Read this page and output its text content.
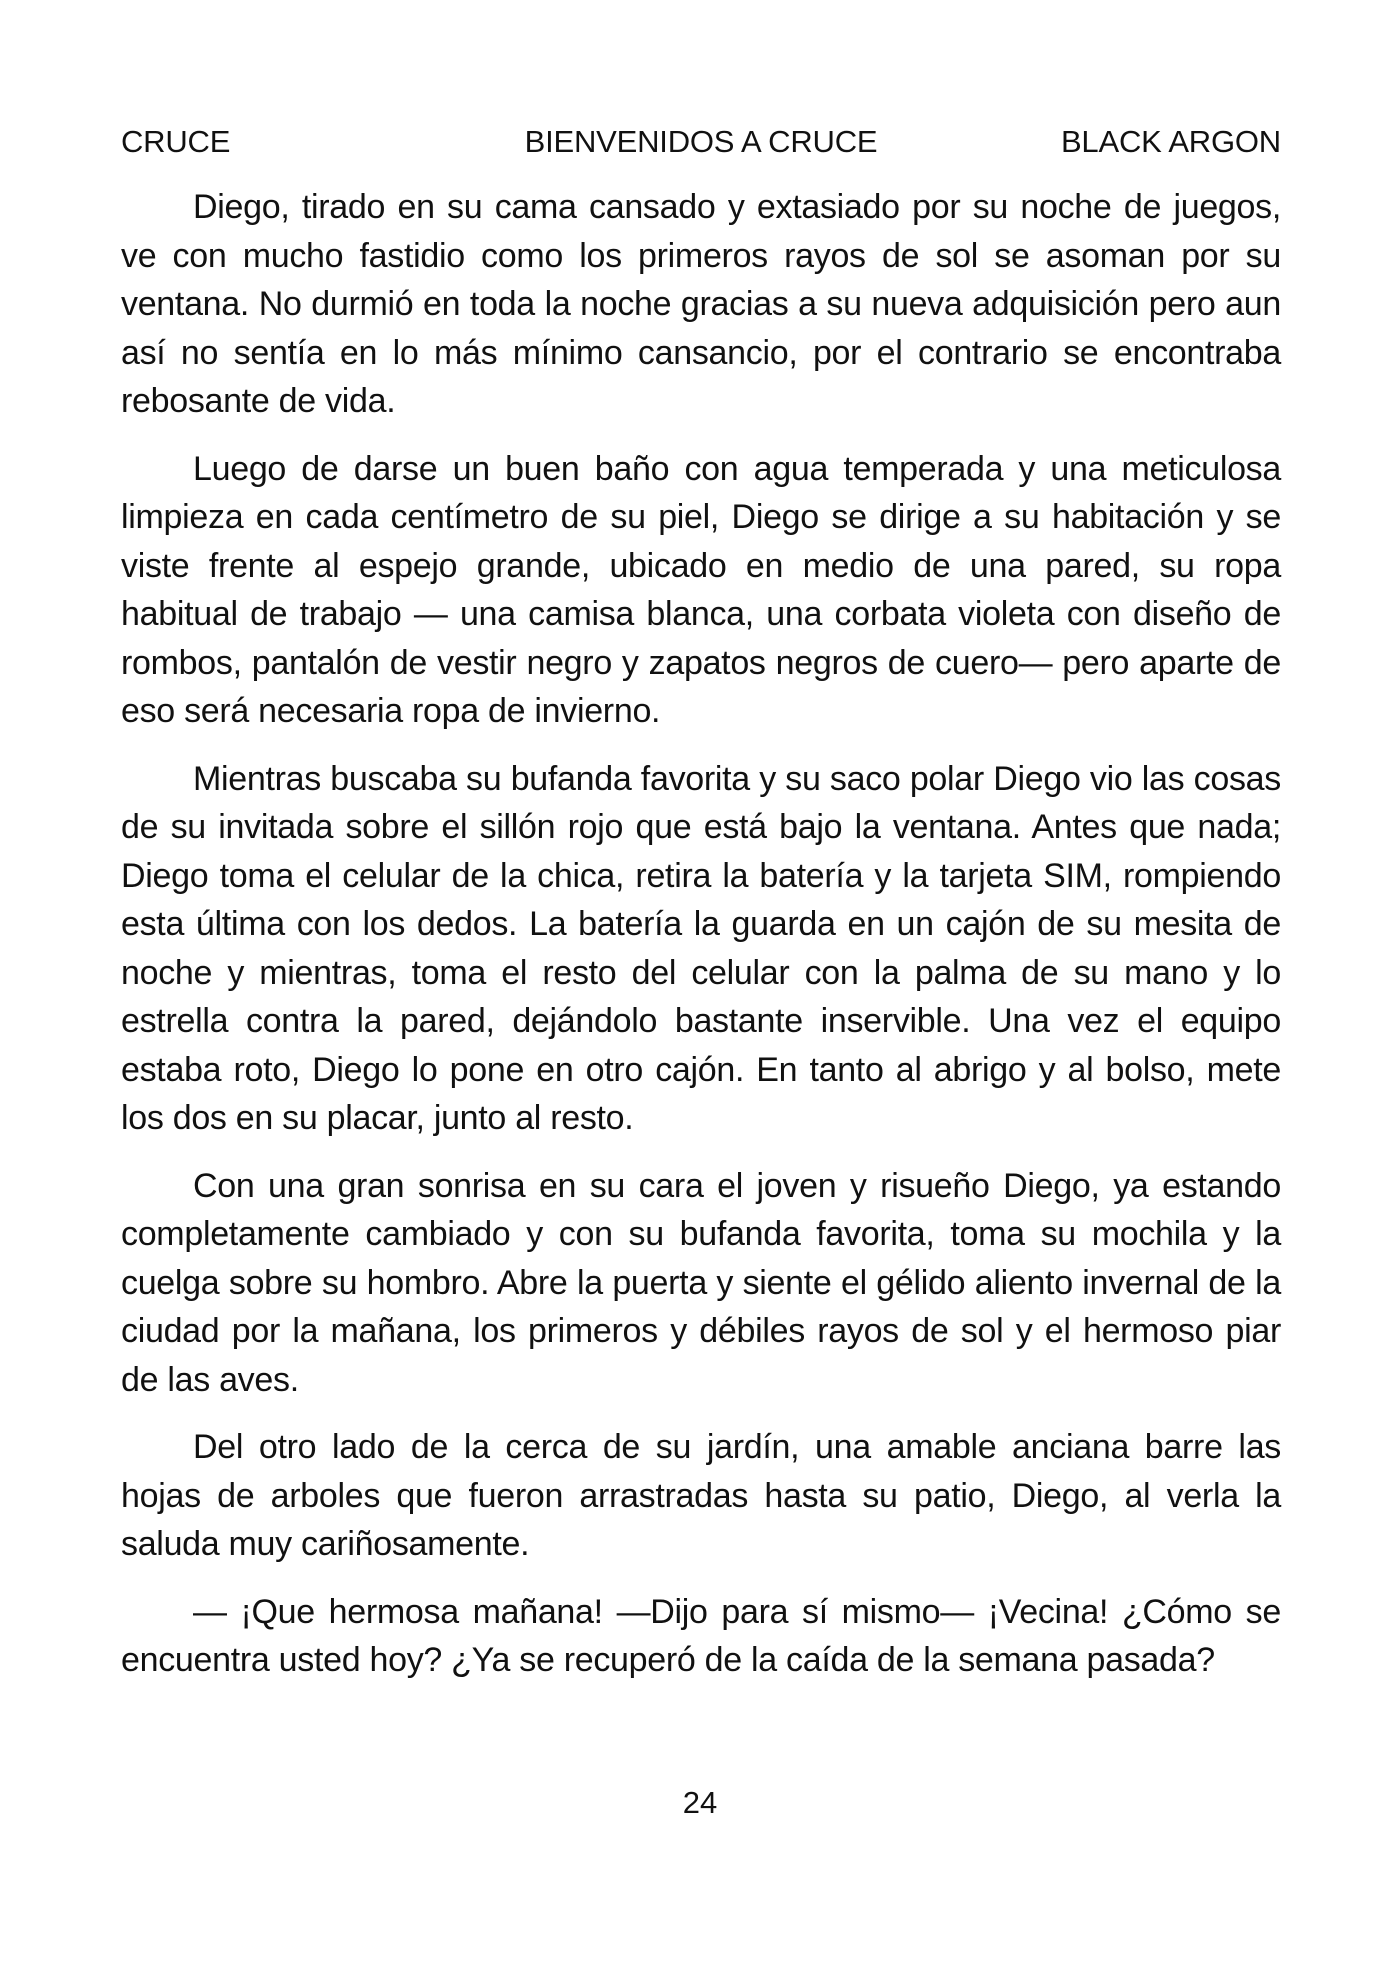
CRUCE	BIENVENIDOS A CRUCE	BLACK ARGON

Diego, tirado en su cama cansado y extasiado por su noche de juegos, ve con mucho fastidio como los primeros rayos de sol se asoman por su ventana. No durmió en toda la noche gracias a su nueva adquisición pero aun así no sentía en lo más mínimo cansancio, por el contrario se encontraba rebosante de vida.

Luego de darse un buen baño con agua temperada y una meticulosa limpieza en cada centímetro de su piel, Diego se dirige a su habitación y se viste frente al espejo grande, ubicado en medio de una pared, su ropa habitual de trabajo — una camisa blanca, una corbata violeta con diseño de rombos, pantalón de vestir negro y zapatos negros de cuero— pero aparte de eso será necesaria ropa de invierno.

Mientras buscaba su bufanda favorita y su saco polar Diego vio las cosas de su invitada sobre el sillón rojo que está bajo la ventana. Antes que nada; Diego toma el celular de la chica, retira la batería y la tarjeta SIM, rompiendo esta última con los dedos. La batería la guarda en un cajón de su mesita de noche y mientras, toma el resto del celular con la palma de su mano y lo estrella contra la pared, dejándolo bastante inservible. Una vez el equipo estaba roto, Diego lo pone en otro cajón. En tanto al abrigo y al bolso, mete los dos en su placar, junto al resto.

Con una gran sonrisa en su cara el joven y risueño Diego, ya estando completamente cambiado y con su bufanda favorita, toma su mochila y la cuelga sobre su hombro. Abre la puerta y siente el gélido aliento invernal de la ciudad por la mañana, los primeros y débiles rayos de sol y el hermoso piar de las aves.

Del otro lado de la cerca de su jardín, una amable anciana barre las hojas de arboles que fueron arrastradas hasta su patio, Diego, al verla la saluda muy cariñosamente.

— ¡Que hermosa mañana! —Dijo para sí mismo— ¡Vecina! ¿Cómo se encuentra usted hoy? ¿Ya se recuperó de la caída de la semana pasada?

24
